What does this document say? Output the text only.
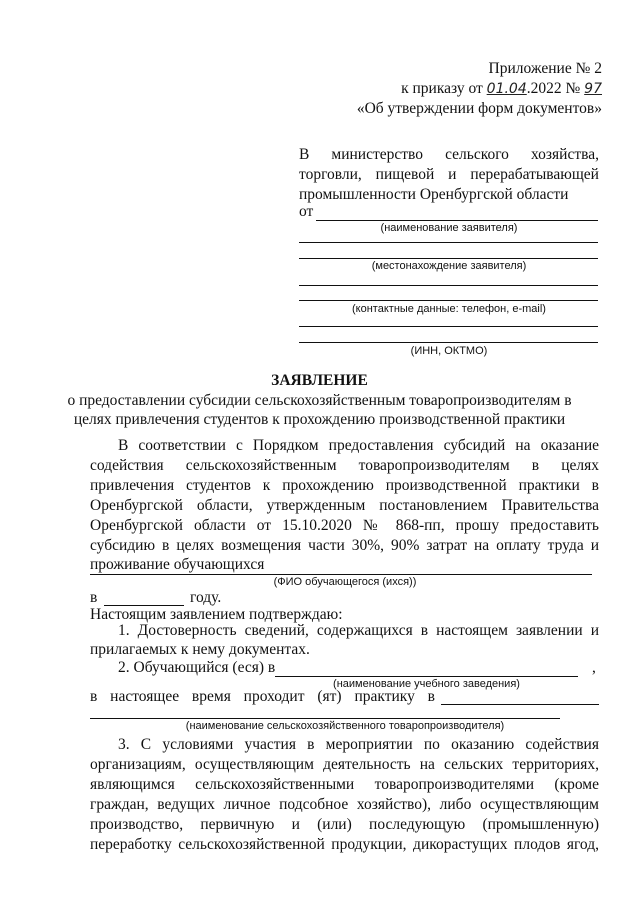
Приложение № 2
к приказу от 01.04.2022 № 97
«Об утверждении форм документов»
В министерство сельского хозяйства,
торговли, пищевой и перерабатывающей
промышленности Оренбургской области
от
(наименование заявителя)
(местонахождение заявителя)
(контактные данные: телефон, e-mail)
(ИНН, ОКТМО)
ЗАЯВЛЕНИЕ
о предоставлении субсидии сельскохозяйственным товаропроизводителям в
целях привлечения студентов к прохождению производственной практики
В соответствии с Порядком предоставления субсидий на оказание
содействия сельскохозяйственным товаропроизводителям в целях
привлечения студентов к прохождению производственной практики в
Оренбургской области, утвержденным постановлением Правительства
Оренбургской области от 15.10.2020 № 868-пп, прошу предоставить
субсидию в целях возмещения части 30%, 90% затрат на оплату труда и
проживание обучающихся
(ФИО обучающегося (ихся))
в	году.
Настоящим заявлением подтверждаю:
1. Достоверность сведений, содержащихся в настоящем заявлении и
прилагаемых к нему документах.
2. Обучающийся (еся) в	,
(наименование учебного заведения)
в настоящее время проходит (ят) практику в
(наименование сельскохозяйственного товаропроизводителя)
3. С условиями участия в мероприятии по оказанию содействия
организациям, осуществляющим деятельность на сельских территориях,
являющимся сельскохозяйственными товаропроизводителями (кроме
граждан, ведущих личное подсобное хозяйство), либо осуществляющим
производство, первичную и (или) последующую (промышленную)
переработку сельскохозяйственной продукции, дикорастущих плодов ягод,
